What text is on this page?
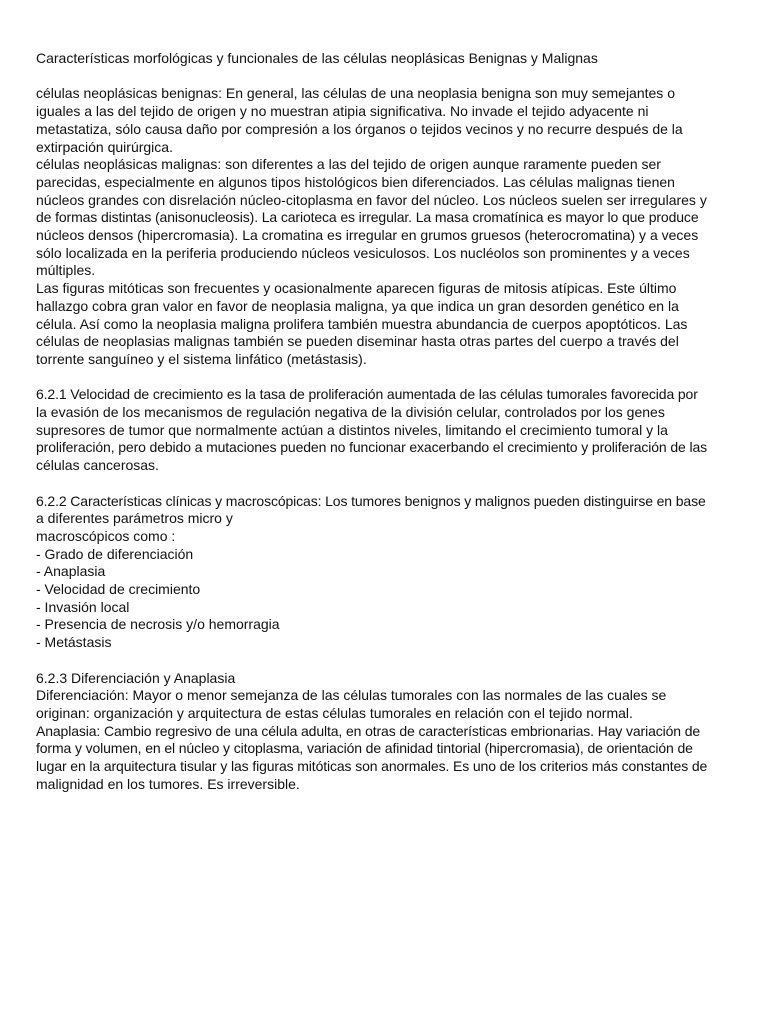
Características morfológicas y funcionales de las células neoplásicas Benignas y Malignas

células neoplásicas benignas: En general, las células de una neoplasia benigna son muy semejantes o
iguales a las del tejido de origen y no muestran atipia significativa. No invade el tejido adyacente ni
metastatiza, sólo causa daño por compresión a los órganos o tejidos vecinos y no recurre después de la
extirpación quirúrgica.
células neoplásicas malignas: son diferentes a las del tejido de origen aunque raramente pueden ser
parecidas, especialmente en algunos tipos histológicos bien diferenciados. Las células malignas tienen
núcleos grandes con disrelación núcleo-citoplasma en favor del núcleo. Los núcleos suelen ser irregulares y
de formas distintas (anisonucleosis). La carioteca es irregular. La masa cromatínica es mayor lo que produce
núcleos densos (hipercromasia). La cromatina es irregular en grumos gruesos (heterocromatina) y a veces
sólo localizada en la periferia produciendo núcleos vesiculosos. Los nucléolos son prominentes y a veces
múltiples.
Las figuras mitóticas son frecuentes y ocasionalmente aparecen figuras de mitosis atípicas. Este último
hallazgo cobra gran valor en favor de neoplasia maligna, ya que indica un gran desorden genético en la
célula. Así como la neoplasia maligna prolifera también muestra abundancia de cuerpos apoptóticos. Las
células de neoplasias malignas también se pueden diseminar hasta otras partes del cuerpo a través del
torrente sanguíneo y el sistema linfático (metástasis).

6.2.1 Velocidad de crecimiento es la tasa de proliferación aumentada de las células tumorales favorecida por
la evasión de los mecanismos de regulación negativa de la división celular, controlados por los genes
supresores de tumor que normalmente actúan a distintos niveles, limitando el crecimiento tumoral y la
proliferación, pero debido a mutaciones pueden no funcionar exacerbando el crecimiento y proliferación de las
células cancerosas.

6.2.2 Características clínicas y macroscópicas: Los tumores benignos y malignos pueden distinguirse en base
a diferentes parámetros micro y
macroscópicos como :
- Grado de diferenciación
- Anaplasia
- Velocidad de crecimiento
- Invasión local
- Presencia de necrosis y/o hemorragia
- Metástasis

6.2.3 Diferenciación y Anaplasia
Diferenciación: Mayor o menor semejanza de las células tumorales con las normales de las cuales se
originan: organización y arquitectura de estas células tumorales en relación con el tejido normal.
Anaplasia: Cambio regresivo de una célula adulta, en otras de características embrionarias. Hay variación de
forma y volumen, en el núcleo y citoplasma, variación de afinidad tintorial (hipercromasia), de orientación de
lugar en la arquitectura tisular y las figuras mitóticas son anormales. Es uno de los criterios más constantes de
malignidad en los tumores. Es irreversible.
